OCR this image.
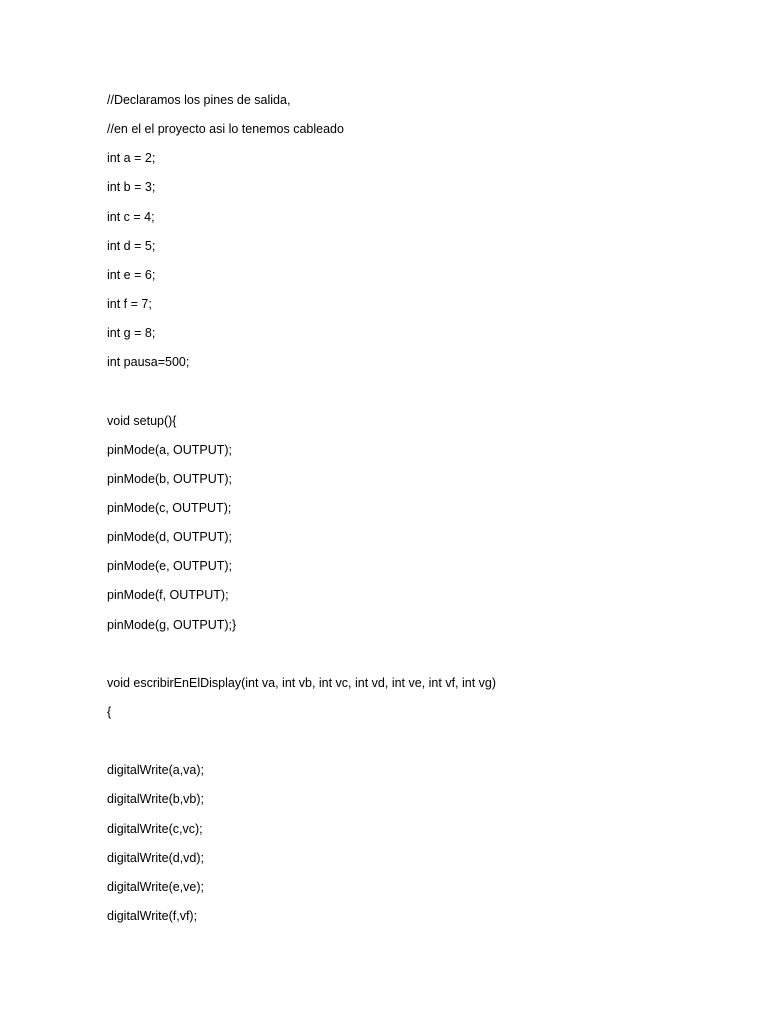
//Declaramos los pines de salida,
//en el el proyecto asi lo tenemos cableado
int a = 2;
int b = 3;
int c = 4;
int d = 5;
int e = 6;
int f = 7;
int g = 8;
int pausa=500;
void setup(){
pinMode(a, OUTPUT);
pinMode(b, OUTPUT);
pinMode(c, OUTPUT);
pinMode(d, OUTPUT);
pinMode(e, OUTPUT);
pinMode(f, OUTPUT);
pinMode(g, OUTPUT);}
void escribirEnElDisplay(int va, int vb, int vc, int vd, int ve, int vf, int vg)
{
digitalWrite(a,va);
digitalWrite(b,vb);
digitalWrite(c,vc);
digitalWrite(d,vd);
digitalWrite(e,ve);
digitalWrite(f,vf);
